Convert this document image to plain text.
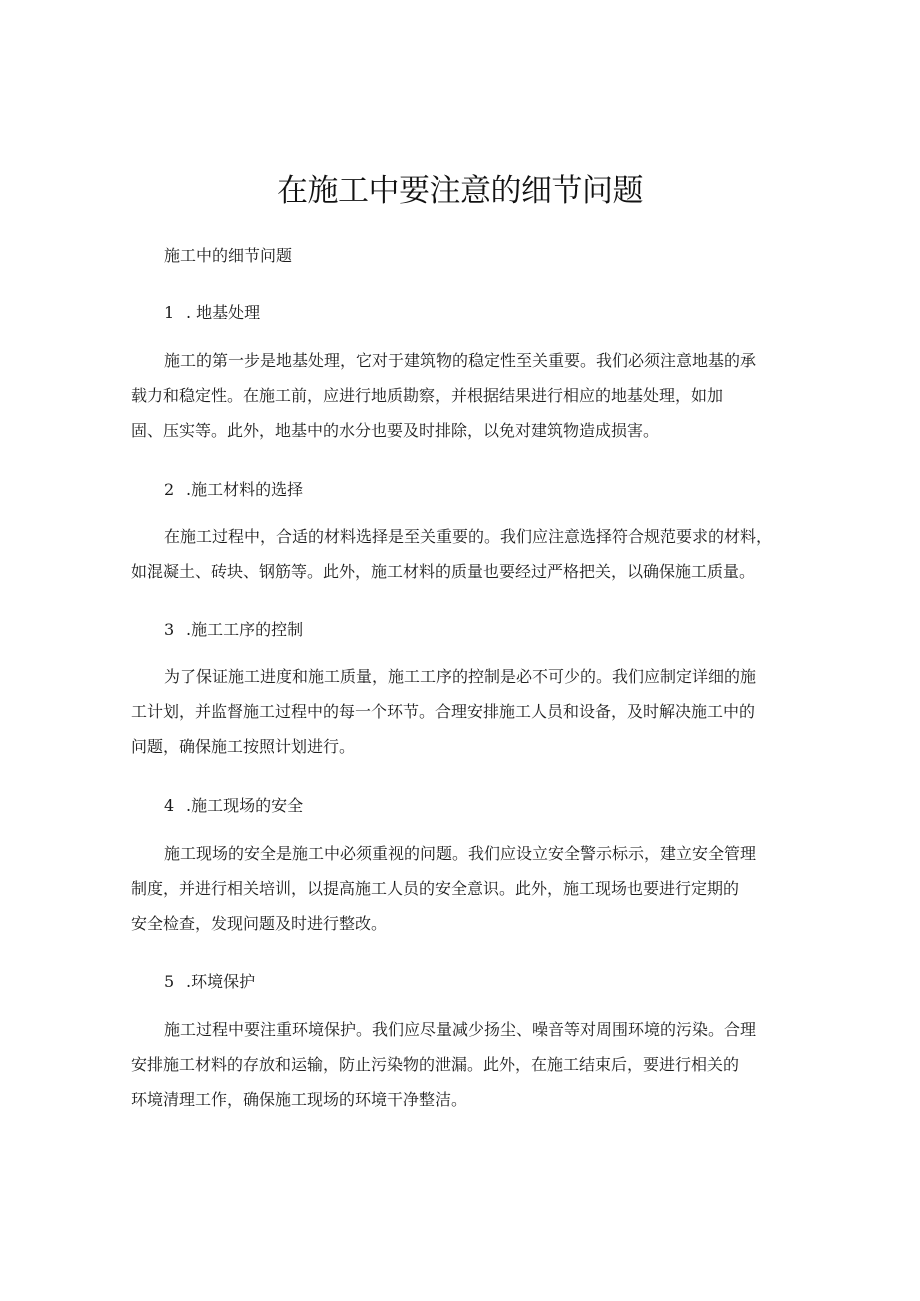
在施工中要注意的细节问题

施工中的细节问题

1 . 地基处理

施工的第一步是地基处理，它对于建筑物的稳定性至关重要。我们必须注意地基的承
载力和稳定性。在施工前，应进行地质勘察，并根据结果进行相应的地基处理，如加
固、压实等。此外，地基中的水分也要及时排除，以免对建筑物造成损害。

2 .施工材料的选择

在施工过程中，合适的材料选择是至关重要的。我们应注意选择符合规范要求的材料，
如混凝土、砖块、钢筋等。此外，施工材料的质量也要经过严格把关，以确保施工质量。

3 .施工工序的控制

为了保证施工进度和施工质量，施工工序的控制是必不可少的。我们应制定详细的施
工计划，并监督施工过程中的每一个环节。合理安排施工人员和设备，及时解决施工中的
问题，确保施工按照计划进行。

4 .施工现场的安全

施工现场的安全是施工中必须重视的问题。我们应设立安全警示标示，建立安全管理
制度，并进行相关培训，以提高施工人员的安全意识。此外，施工现场也要进行定期的
安全检查，发现问题及时进行整改。

5 .环境保护

施工过程中要注重环境保护。我们应尽量减少扬尘、噪音等对周围环境的污染。合理
安排施工材料的存放和运输，防止污染物的泄漏。此外，在施工结束后，要进行相关的
环境清理工作，确保施工现场的环境干净整洁。
